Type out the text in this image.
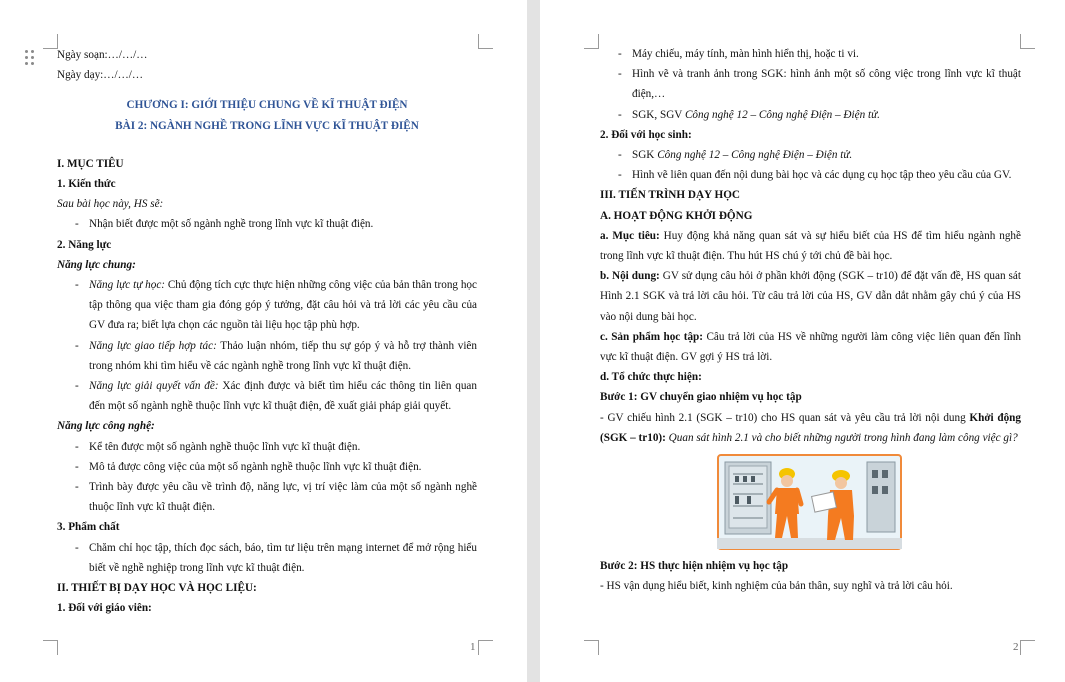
1
Ngày soạn:…/…/…
Ngày dạy:…/…/…
CHƯƠNG I: GIỚI THIỆU CHUNG VỀ KĨ THUẬT ĐIỆN
BÀI 2: NGÀNH NGHỀ TRONG LĨNH VỰC KĨ THUẬT ĐIỆN
I. MỤC TIÊU
1. Kiến thức
Sau bài học này, HS sẽ:
- Nhận biết được một số ngành nghề trong lĩnh vực kĩ thuật điện.
2. Năng lực
Năng lực chung:
- Năng lực tự học: Chủ động tích cực thực hiện những công việc của bản thân trong học tập thông qua việc tham gia đóng góp ý tưởng, đặt câu hỏi và trả lời các yêu cầu của GV đưa ra; biết lựa chọn các nguồn tài liệu học tập phù hợp.
- Năng lực giao tiếp hợp tác: Thảo luận nhóm, tiếp thu sự góp ý và hỗ trợ thành viên trong nhóm khi tìm hiểu về các ngành nghề trong lĩnh vực kĩ thuật điện.
- Năng lực giải quyết vấn đề: Xác định được và biết tìm hiểu các thông tin liên quan đến một số ngành nghề thuộc lĩnh vực kĩ thuật điện, đề xuất giải pháp giải quyết.
Năng lực công nghệ:
- Kể tên được một số ngành nghề thuộc lĩnh vực kĩ thuật điện.
- Mô tả được công việc của một số ngành nghề thuộc lĩnh vực kĩ thuật điện.
- Trình bày được yêu cầu về trình độ, năng lực, vị trí việc làm của một số ngành nghề thuộc lĩnh vực kĩ thuật điện.
3. Phẩm chất
- Chăm chỉ học tập, thích đọc sách, báo, tìm tư liệu trên mạng internet để mở rộng hiểu biết về nghề nghiệp trong lĩnh vực kĩ thuật điện.
II. THIẾT BỊ DẠY HỌC VÀ HỌC LIỆU:
1. Đối với giáo viên:
2
- Máy chiếu, máy tính, màn hình hiển thị, hoặc ti vi.
- Hình vẽ và tranh ảnh trong SGK: hình ảnh một số công việc trong lĩnh vực kĩ thuật điện,…
- SGK, SGV Công nghệ 12 – Công nghệ Điện – Điện tử.
2. Đối với học sinh:
- SGK Công nghệ 12 – Công nghệ Điện – Điện tử.
- Hình vẽ liên quan đến nội dung bài học và các dụng cụ học tập theo yêu cầu của GV.
III. TIẾN TRÌNH DẠY HỌC
A. HOẠT ĐỘNG KHỞI ĐỘNG
a. Mục tiêu: Huy động khả năng quan sát và sự hiểu biết của HS để tìm hiểu ngành nghề trong lĩnh vực kĩ thuật điện. Thu hút HS chú ý tới chủ đề bài học.
b. Nội dung: GV sử dụng câu hỏi ở phần khởi động (SGK – tr10) để đặt vấn đề, HS quan sát Hình 2.1 SGK và trả lời câu hỏi. Từ câu trả lời của HS, GV dẫn dắt nhằm gây chú ý của HS vào nội dung bài học.
c. Sản phẩm học tập: Câu trả lời của HS về những người làm công việc liên quan đến lĩnh vực kĩ thuật điện. GV gợi ý HS trả lời.
d. Tổ chức thực hiện:
Bước 1: GV chuyển giao nhiệm vụ học tập
- GV chiếu hình 2.1 (SGK – tr10) cho HS quan sát và yêu cầu trả lời nội dung Khởi động (SGK – tr10): Quan sát hình 2.1 và cho biết những người trong hình đang làm công việc gì?
Bước 2: HS thực hiện nhiệm vụ học tập
- HS vận dụng hiểu biết, kinh nghiệm của bản thân, suy nghĩ và trả lời câu hỏi.
